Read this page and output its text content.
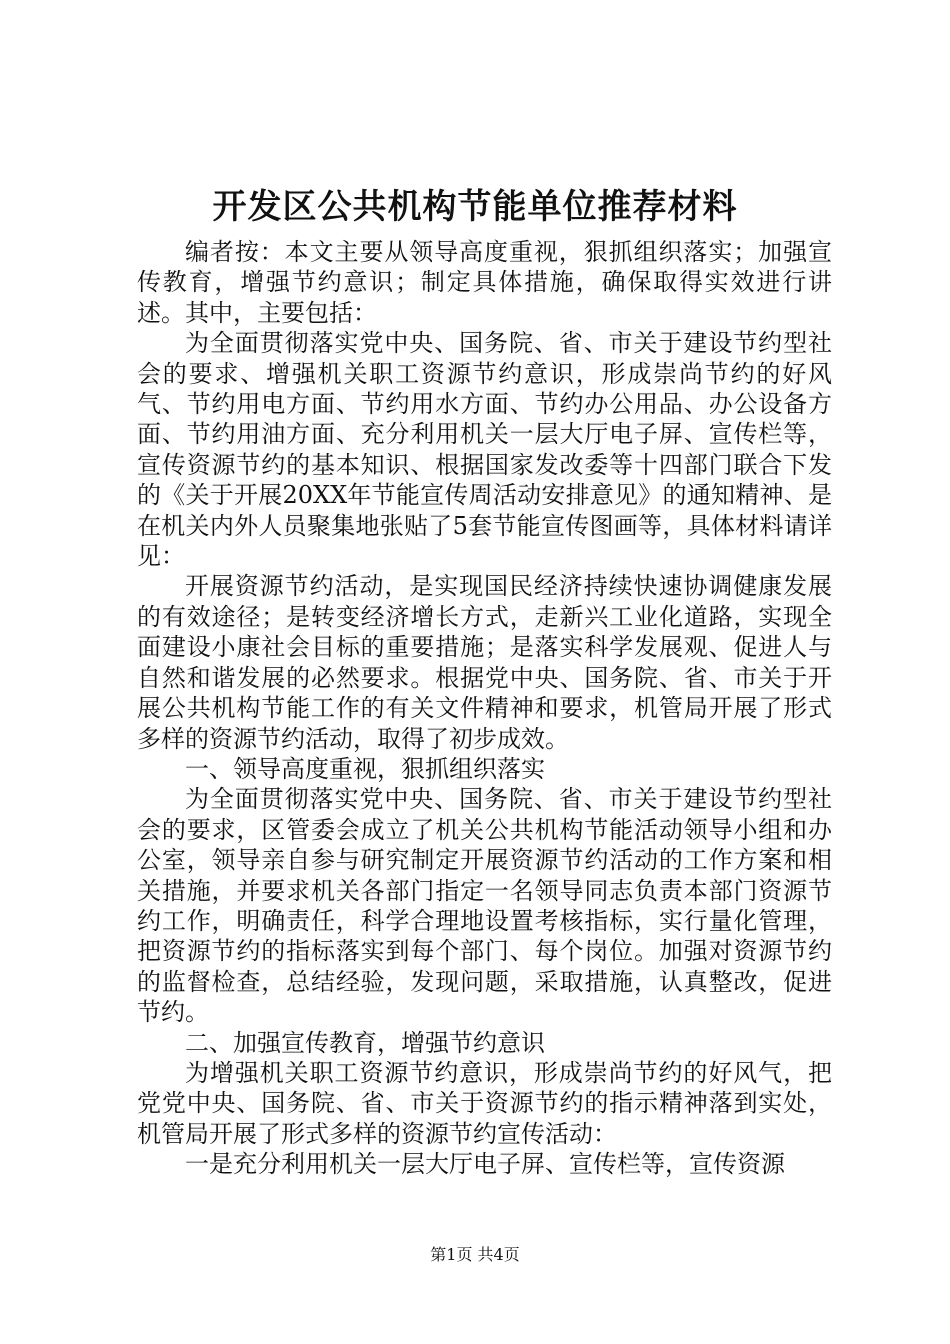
开发区公共机构节能单位推荐材料

编者按：本文主要从领导高度重视，狠抓组织落实；加强宣传教育，增强节约意识；制定具体措施，确保取得实效进行讲述。其中，主要包括：

为全面贯彻落实党中央、国务院、省、市关于建设节约型社会的要求、增强机关职工资源节约意识，形成崇尚节约的好风气、节约用电方面、节约用水方面、节约办公用品、办公设备方面、节约用油方面、充分利用机关一层大厅电子屏、宣传栏等，宣传资源节约的基本知识、根据国家发改委等十四部门联合下发的《关于开展20XX年节能宣传周活动安排意见》的通知精神、是在机关内外人员聚集地张贴了5套节能宣传图画等，具体材料请详见：

开展资源节约活动，是实现国民经济持续快速协调健康发展的有效途径；是转变经济增长方式，走新兴工业化道路，实现全面建设小康社会目标的重要措施；是落实科学发展观、促进人与自然和谐发展的必然要求。根据党中央、国务院、省、市关于开展公共机构节能工作的有关文件精神和要求，机管局开展了形式多样的资源节约活动，取得了初步成效。

一、领导高度重视，狠抓组织落实

为全面贯彻落实党中央、国务院、省、市关于建设节约型社会的要求，区管委会成立了机关公共机构节能活动领导小组和办公室，领导亲自参与研究制定开展资源节约活动的工作方案和相关措施，并要求机关各部门指定一名领导同志负责本部门资源节约工作，明确责任，科学合理地设置考核指标，实行量化管理，把资源节约的指标落实到每个部门、每个岗位。加强对资源节约的监督检查，总结经验，发现问题，采取措施，认真整改，促进节约。

二、加强宣传教育，增强节约意识

为增强机关职工资源节约意识，形成崇尚节约的好风气，把党党中央、国务院、省、市关于资源节约的指示精神落到实处，机管局开展了形式多样的资源节约宣传活动：

一是充分利用机关一层大厅电子屏、宣传栏等，宣传资源

第1页 共4页
